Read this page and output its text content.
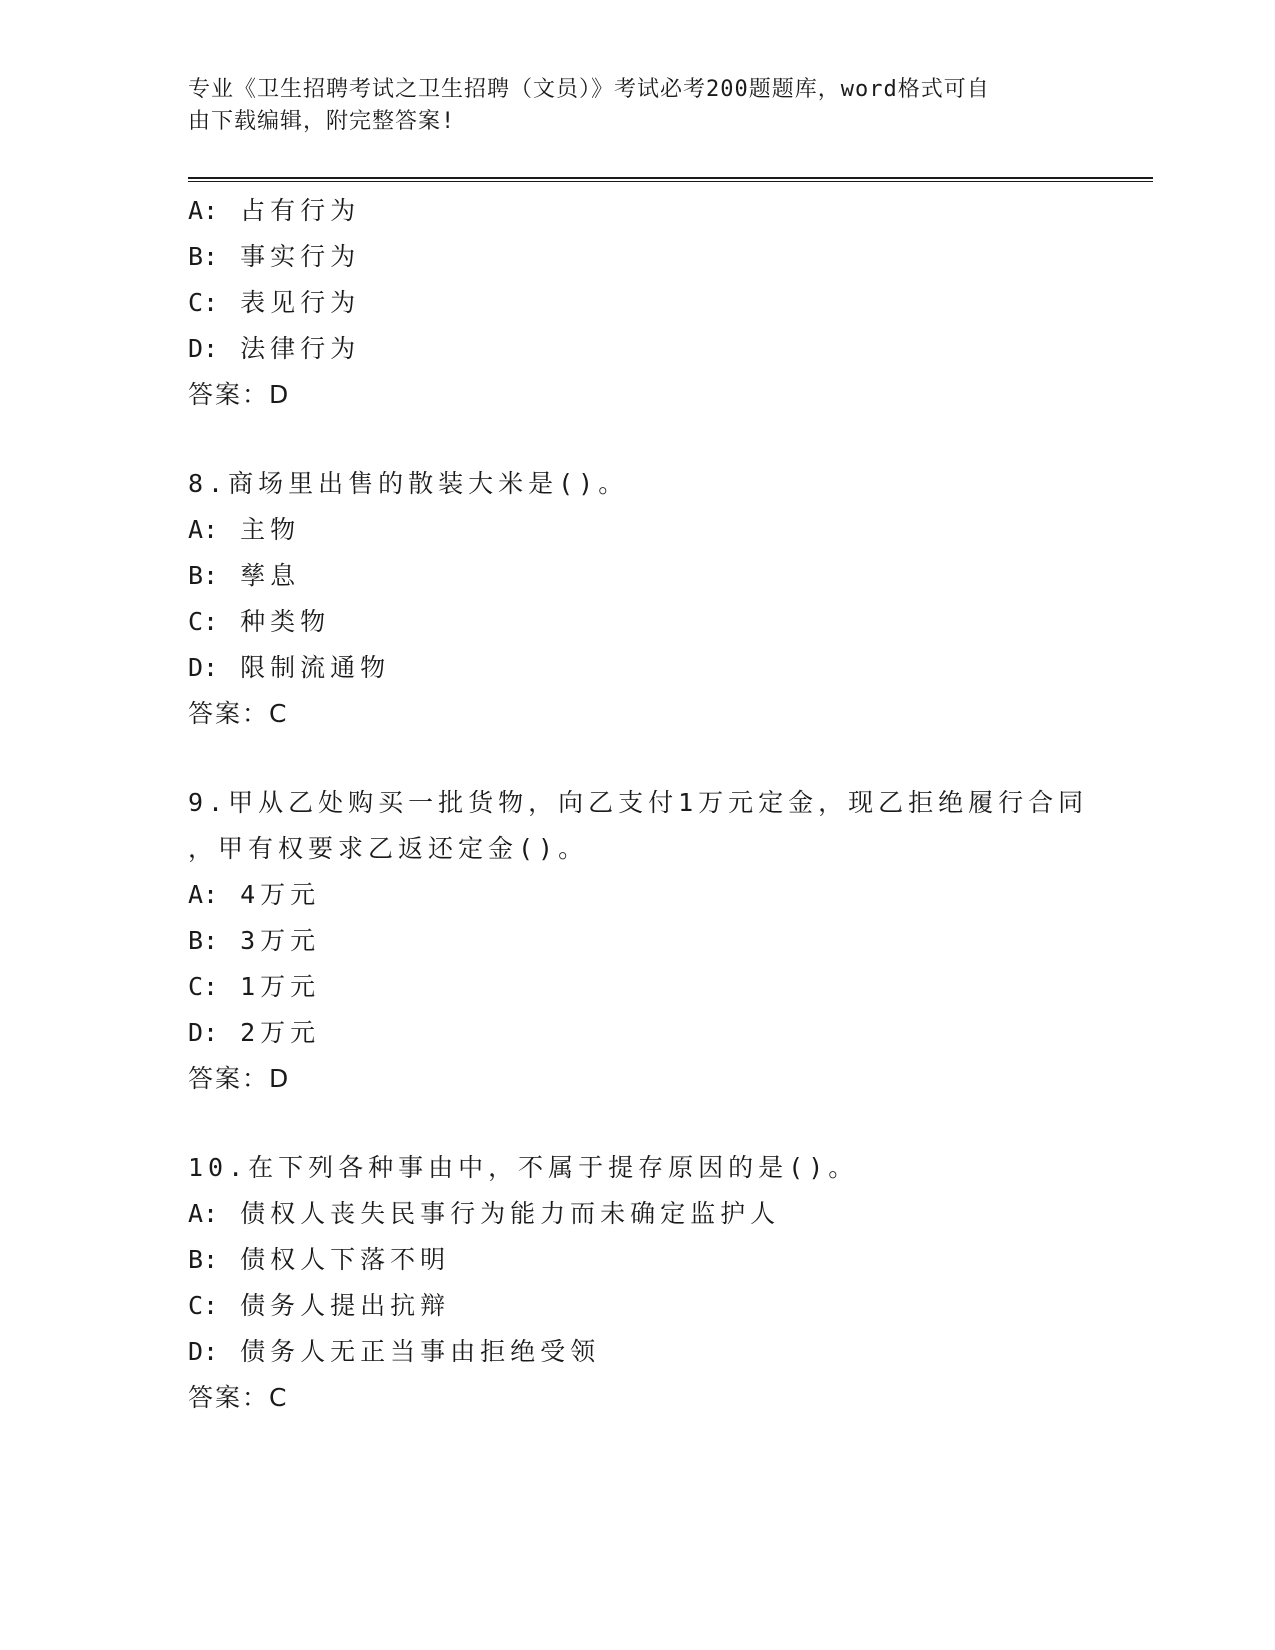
专业《卫生招聘考试之卫生招聘（文员）》考试必考200题题库，word格式可自
由下载编辑，附完整答案!
A: 占有行为
B: 事实行为
C: 表见行为
D: 法律行为
答案：D
8.商场里出售的散装大米是()。
A: 主物
B: 孳息
C: 种类物
D: 限制流通物
答案：C
9.甲从乙处购买一批货物，向乙支付1万元定金，现乙拒绝履行合同
，甲有权要求乙返还定金()。
A: 4万元
B: 3万元
C: 1万元
D: 2万元
答案：D
10.在下列各种事由中，不属于提存原因的是()。
A: 债权人丧失民事行为能力而未确定监护人
B: 债权人下落不明
C: 债务人提出抗辩
D: 债务人无正当事由拒绝受领
答案：C
